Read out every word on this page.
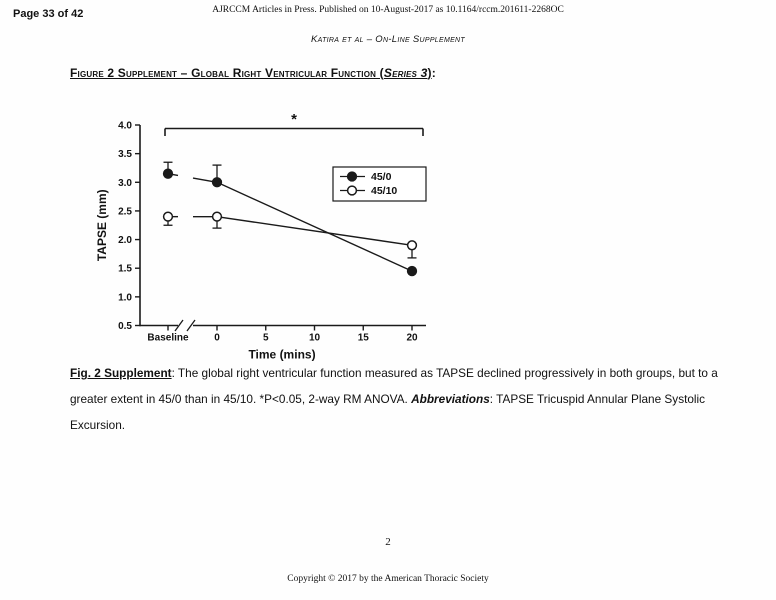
Page 33 of 42	AJRCCM Articles in Press. Published on 10-August-2017 as 10.1164/rccm.201611-2268OC
Katira et al – On-Line Supplement
Figure 2 Supplement – Global Right Ventricular Function (Series 3):
0.5
1.0
1.5
2.0
2.5
3.0
3.5
4.0
Baseline	0	5	10	15	20
Time (mins)
TAPSE (mm)
*
45/0
45/10

Fig. 2 Supplement: The global right ventricular function measured as TAPSE declined progressively in both groups, but to a greater extent in 45/0 than in 45/10. *P<0.05, 2-way RM ANOVA. Abbreviations: TAPSE Tricuspid Annular Plane Systolic Excursion.

2
Copyright © 2017 by the American Thoracic Society
